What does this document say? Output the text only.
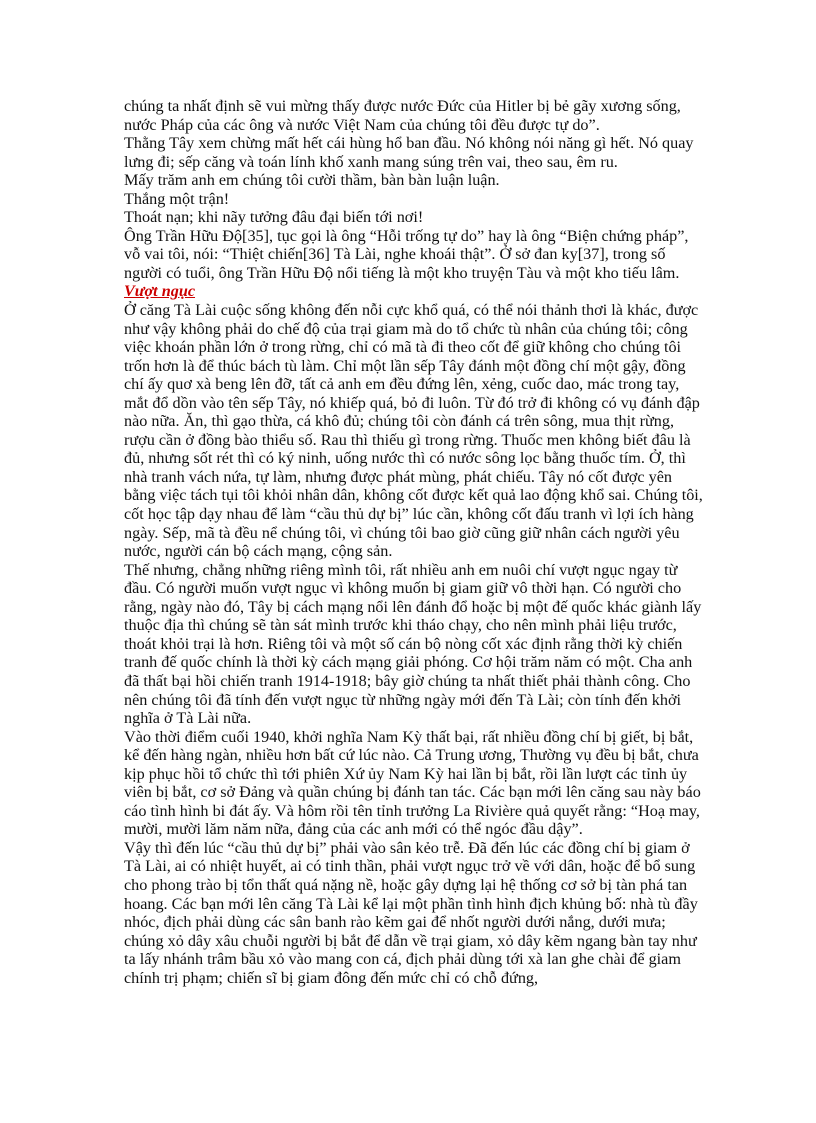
chúng ta nhất định sẽ vui mừng thấy được nước Đức của Hitler bị bẻ gãy xương sống, nước Pháp của các ông và nước Việt Nam của chúng tôi đều được tự do”.

Thằng Tây xem chừng mất hết cái hùng hổ ban đầu. Nó không nói năng gì hết. Nó quay lưng đi; sếp căng và toán lính khố xanh mang súng trên vai, theo sau, êm ru.

Mấy trăm anh em chúng tôi cười thầm, bàn bàn luận luận.

Thắng một trận!

Thoát nạn; khi nãy tưởng đâu đại biến tới nơi!

Ông Trần Hữu Độ[35], tục gọi là ông “Hỗi trống tự do” hay là ông “Biện chứng pháp”, vỗ vai tôi, nói: “Thiệt chiến[36] Tà Lài, nghe khoái thật”. Ở sở đan ky[37], trong số người có tuổi, ông Trần Hữu Độ nổi tiếng là một kho truyện Tàu và một kho tiếu lâm.

Vượt ngục

Ở căng Tà Lài cuộc sống không đến nỗi cực khổ quá, có thể nói thảnh thơi là khác, được như vậy không phải do chế độ của trại giam mà do tổ chức tù nhân của chúng tôi; công việc khoán phần lớn ở trong rừng, chỉ có mã tà đi theo cốt để giữ không cho chúng tôi trốn hơn là để thúc bách tù làm. Chỉ một lần sếp Tây đánh một đồng chí một gậy, đồng chí ấy quơ xà beng lên đỡ, tất cả anh em đều đứng lên, xẻng, cuốc dao, mác trong tay, mắt đổ dồn vào tên sếp Tây, nó khiếp quá, bỏ đi luôn. Từ đó trở đi không có vụ đánh đập nào nữa. Ăn, thì gạo thừa, cá khô đủ; chúng tôi còn đánh cá trên sông, mua thịt rừng, rượu cần ở đồng bào thiểu số. Rau thì thiếu gì trong rừng. Thuốc men không biết đâu là đủ, nhưng sốt rét thì có ký ninh, uống nước thì có nước sông lọc bằng thuốc tím. Ở, thì nhà tranh vách nứa, tự làm, nhưng được phát mùng, phát chiếu. Tây nó cốt được yên bằng việc tách tụi tôi khỏi nhân dân, không cốt được kết quả lao động khổ sai. Chúng tôi, cốt học tập dạy nhau để làm “cầu thủ dự bị” lúc cần, không cốt đấu tranh vì lợi ích hàng ngày. Sếp, mã tà đều nể chúng tôi, vì chúng tôi bao giờ cũng giữ nhân cách người yêu nước, người cán bộ cách mạng, cộng sản.

Thế nhưng, chẳng những riêng mình tôi, rất nhiều anh em nuôi chí vượt ngục ngay từ đầu. Có người muốn vượt ngục vì không muốn bị giam giữ vô thời hạn. Có người cho rằng, ngày nào đó, Tây bị cách mạng nổi lên đánh đổ hoặc bị một đế quốc khác giành lấy thuộc địa thì chúng sẽ tàn sát mình trước khi tháo chạy, cho nên mình phải liệu trước, thoát khỏi trại là hơn. Riêng tôi và một số cán bộ nòng cốt xác định rằng thời kỳ chiến tranh đế quốc chính là thời kỳ cách mạng giải phóng. Cơ hội trăm năm có một. Cha anh đã thất bại hồi chiến tranh 1914-1918; bây giờ chúng ta nhất thiết phải thành công. Cho nên chúng tôi đã tính đến vượt ngục từ những ngày mới đến Tà Lài; còn tính đến khởi nghĩa ở Tà Lài nữa.

Vào thời điểm cuối 1940, khởi nghĩa Nam Kỳ thất bại, rất nhiều đồng chí bị giết, bị bắt, kể đến hàng ngàn, nhiều hơn bất cứ lúc nào. Cả Trung ương, Thường vụ đều bị bắt, chưa kịp phục hồi tổ chức thì tới phiên Xứ ủy Nam Kỳ hai lần bị bắt, rồi lần lượt các tỉnh ủy viên bị bắt, cơ sở Đảng và quần chúng bị đánh tan tác. Các bạn mới lên căng sau này báo cáo tình hình bi đát ấy. Và hôm rồi tên tỉnh trưởng La Rivière quả quyết rằng: “Hoạ may, mười, mười lăm năm nữa, đảng của các anh mới có thể ngóc đầu dậy”.

Vậy thì đến lúc “cầu thủ dự bị” phải vào sân kẻo trễ. Đã đến lúc các đồng chí bị giam ở Tà Lài, ai có nhiệt huyết, ai có tinh thần, phải vượt ngục trở về với dân, hoặc để bổ sung cho phong trào bị tổn thất quá nặng nề, hoặc gây dựng lại hệ thống cơ sở bị tàn phá tan hoang. Các bạn mới lên căng Tà Lài kể lại một phần tình hình địch khủng bố: nhà tù đầy nhóc, địch phải dùng các sân banh rào kẽm gai để nhốt người dưới nắng, dưới mưa; chúng xỏ dây xâu chuỗi người bị bắt để dẫn về trại giam, xỏ dây kẽm ngang bàn tay như ta lấy nhánh trâm bầu xỏ vào mang con cá, địch phải dùng tới xà lan ghe chài để giam chính trị phạm; chiến sĩ bị giam đông đến mức chỉ có chỗ đứng,
